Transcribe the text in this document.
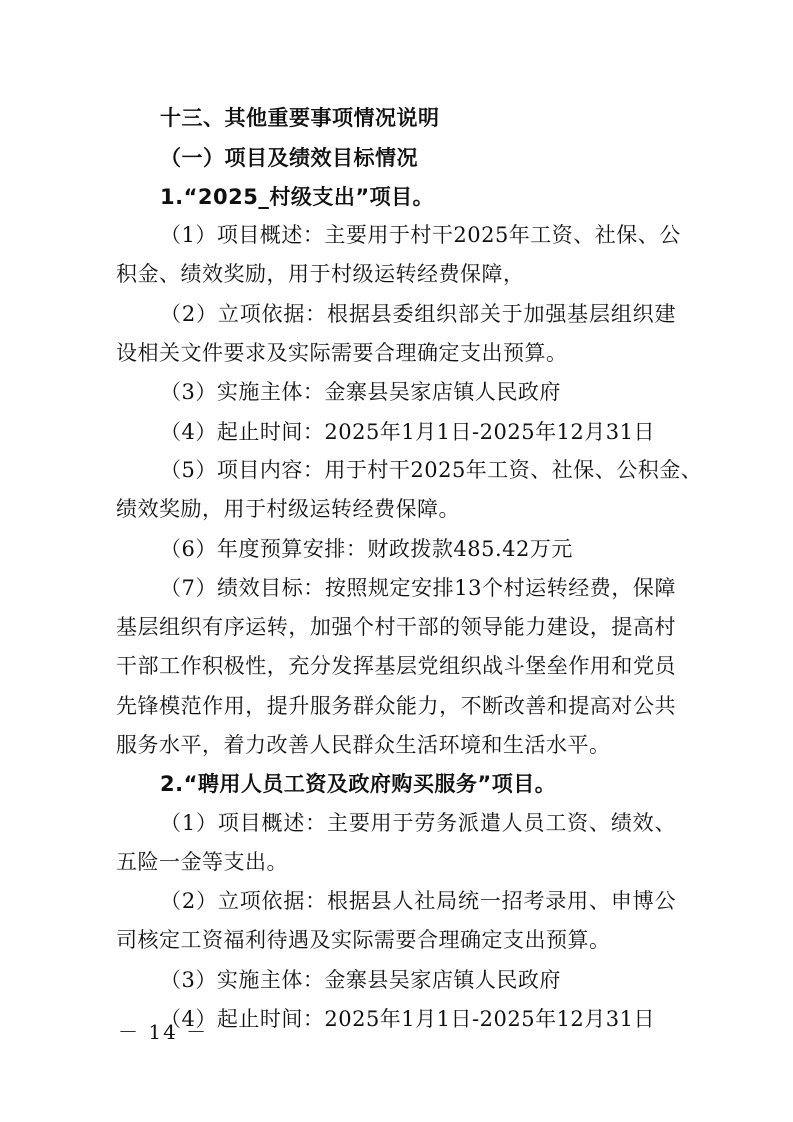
十三、其他重要事项情况说明
（一）项目及绩效目标情况
1.“2025_村级支出”项目。
（1）项目概述：主要用于村干2025年工资、社保、公
积金、绩效奖励，用于村级运转经费保障，
（2）立项依据：根据县委组织部关于加强基层组织建
设相关文件要求及实际需要合理确定支出预算。
（3）实施主体：金寨县吴家店镇人民政府
（4）起止时间：2025年1月1日-2025年12月31日
（5）项目内容：用于村干2025年工资、社保、公积金、
绩效奖励，用于村级运转经费保障。
（6）年度预算安排：财政拨款485.42万元
（7）绩效目标：按照规定安排13个村运转经费，保障
基层组织有序运转，加强个村干部的领导能力建设，提高村
干部工作积极性，充分发挥基层党组织战斗堡垒作用和党员
先锋模范作用，提升服务群众能力，不断改善和提高对公共
服务水平，着力改善人民群众生活环境和生活水平。
2.“聘用人员工资及政府购买服务”项目。
（1）项目概述：主要用于劳务派遣人员工资、绩效、
五险一金等支出。
（2）立项依据：根据县人社局统一招考录用、申博公
司核定工资福利待遇及实际需要合理确定支出预算。
（3）实施主体：金寨县吴家店镇人民政府
（4）起止时间：2025年1月1日-2025年12月31日
－ 14 －
